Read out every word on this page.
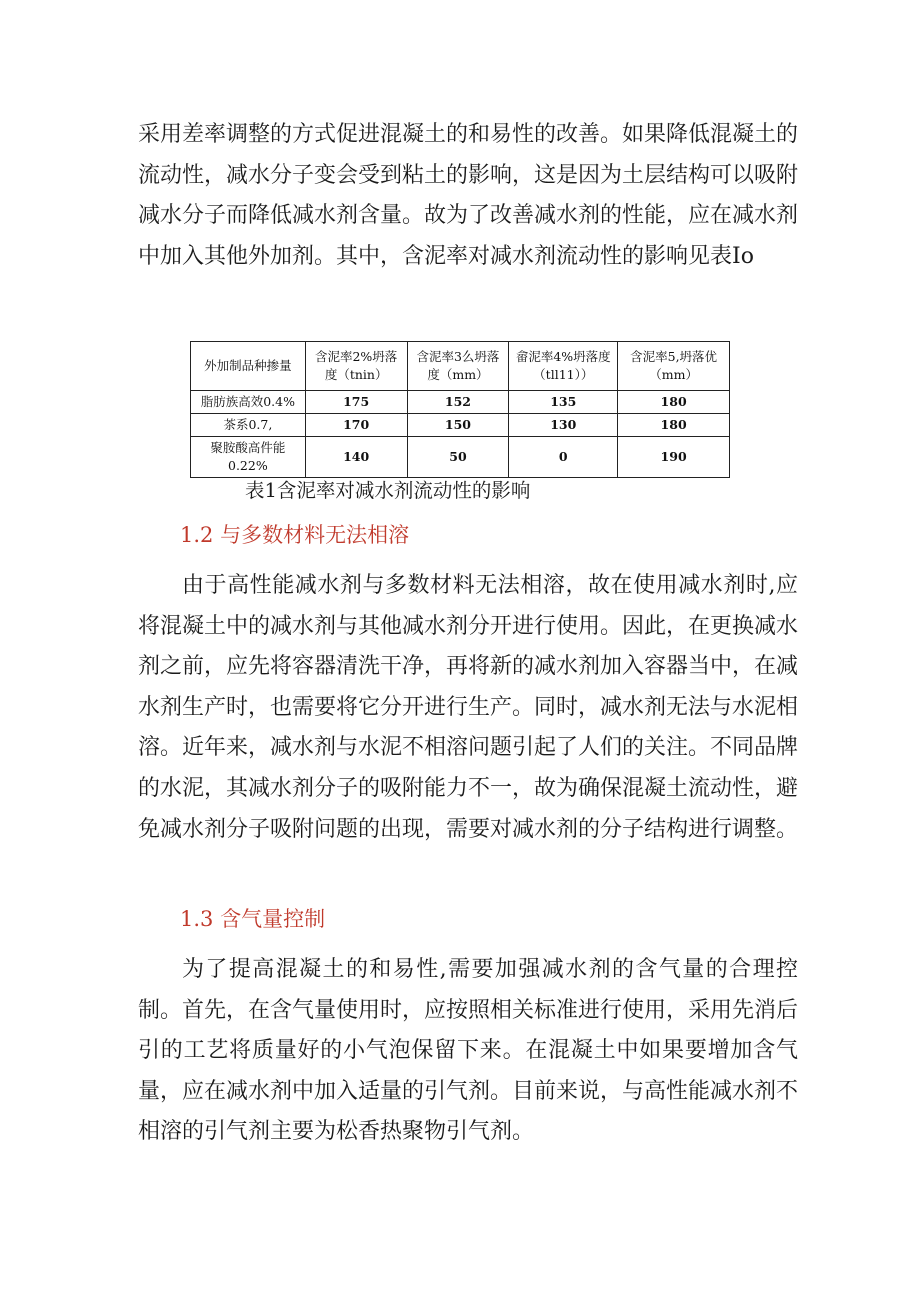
采用差率调整的方式促进混凝土的和易性的改善。如果降低混凝土的流动性，减水分子变会受到粘土的影响，这是因为土层结构可以吸附减水分子而降低减水剂含量。故为了改善减水剂的性能，应在减水剂中加入其他外加剂。其中，含泥率对减水剂流动性的影响见表Io

外加制品种掺量	含泥率2%坍落度（tnin）	含泥率3么坍落度（mm）	畲泥率4%坍落度（tll11））	含泥率5,坍落优（mm）
脂肪族高效0.4%	175	152	135	180
茶系0.7,	170	150	130	180
聚胺酸高件能0.22%	140	50	0	190

表1含泥率对减水剂流动性的影响

1.2 与多数材料无法相溶

由于高性能减水剂与多数材料无法相溶，故在使用减水剂时,应将混凝土中的减水剂与其他减水剂分开进行使用。因此，在更换减水剂之前，应先将容器清洗干净，再将新的减水剂加入容器当中，在减水剂生产时，也需要将它分开进行生产。同时，减水剂无法与水泥相溶。近年来，减水剂与水泥不相溶问题引起了人们的关注。不同品牌的水泥，其减水剂分子的吸附能力不一，故为确保混凝土流动性，避免减水剂分子吸附问题的出现，需要对减水剂的分子结构进行调整。

1.3 含气量控制

为了提高混凝土的和易性,需要加强减水剂的含气量的合理控制。首先，在含气量使用时，应按照相关标准进行使用，采用先消后引的工艺将质量好的小气泡保留下来。在混凝土中如果要增加含气量，应在减水剂中加入适量的引气剂。目前来说，与高性能减水剂不相溶的引气剂主要为松香热聚物引气剂。
